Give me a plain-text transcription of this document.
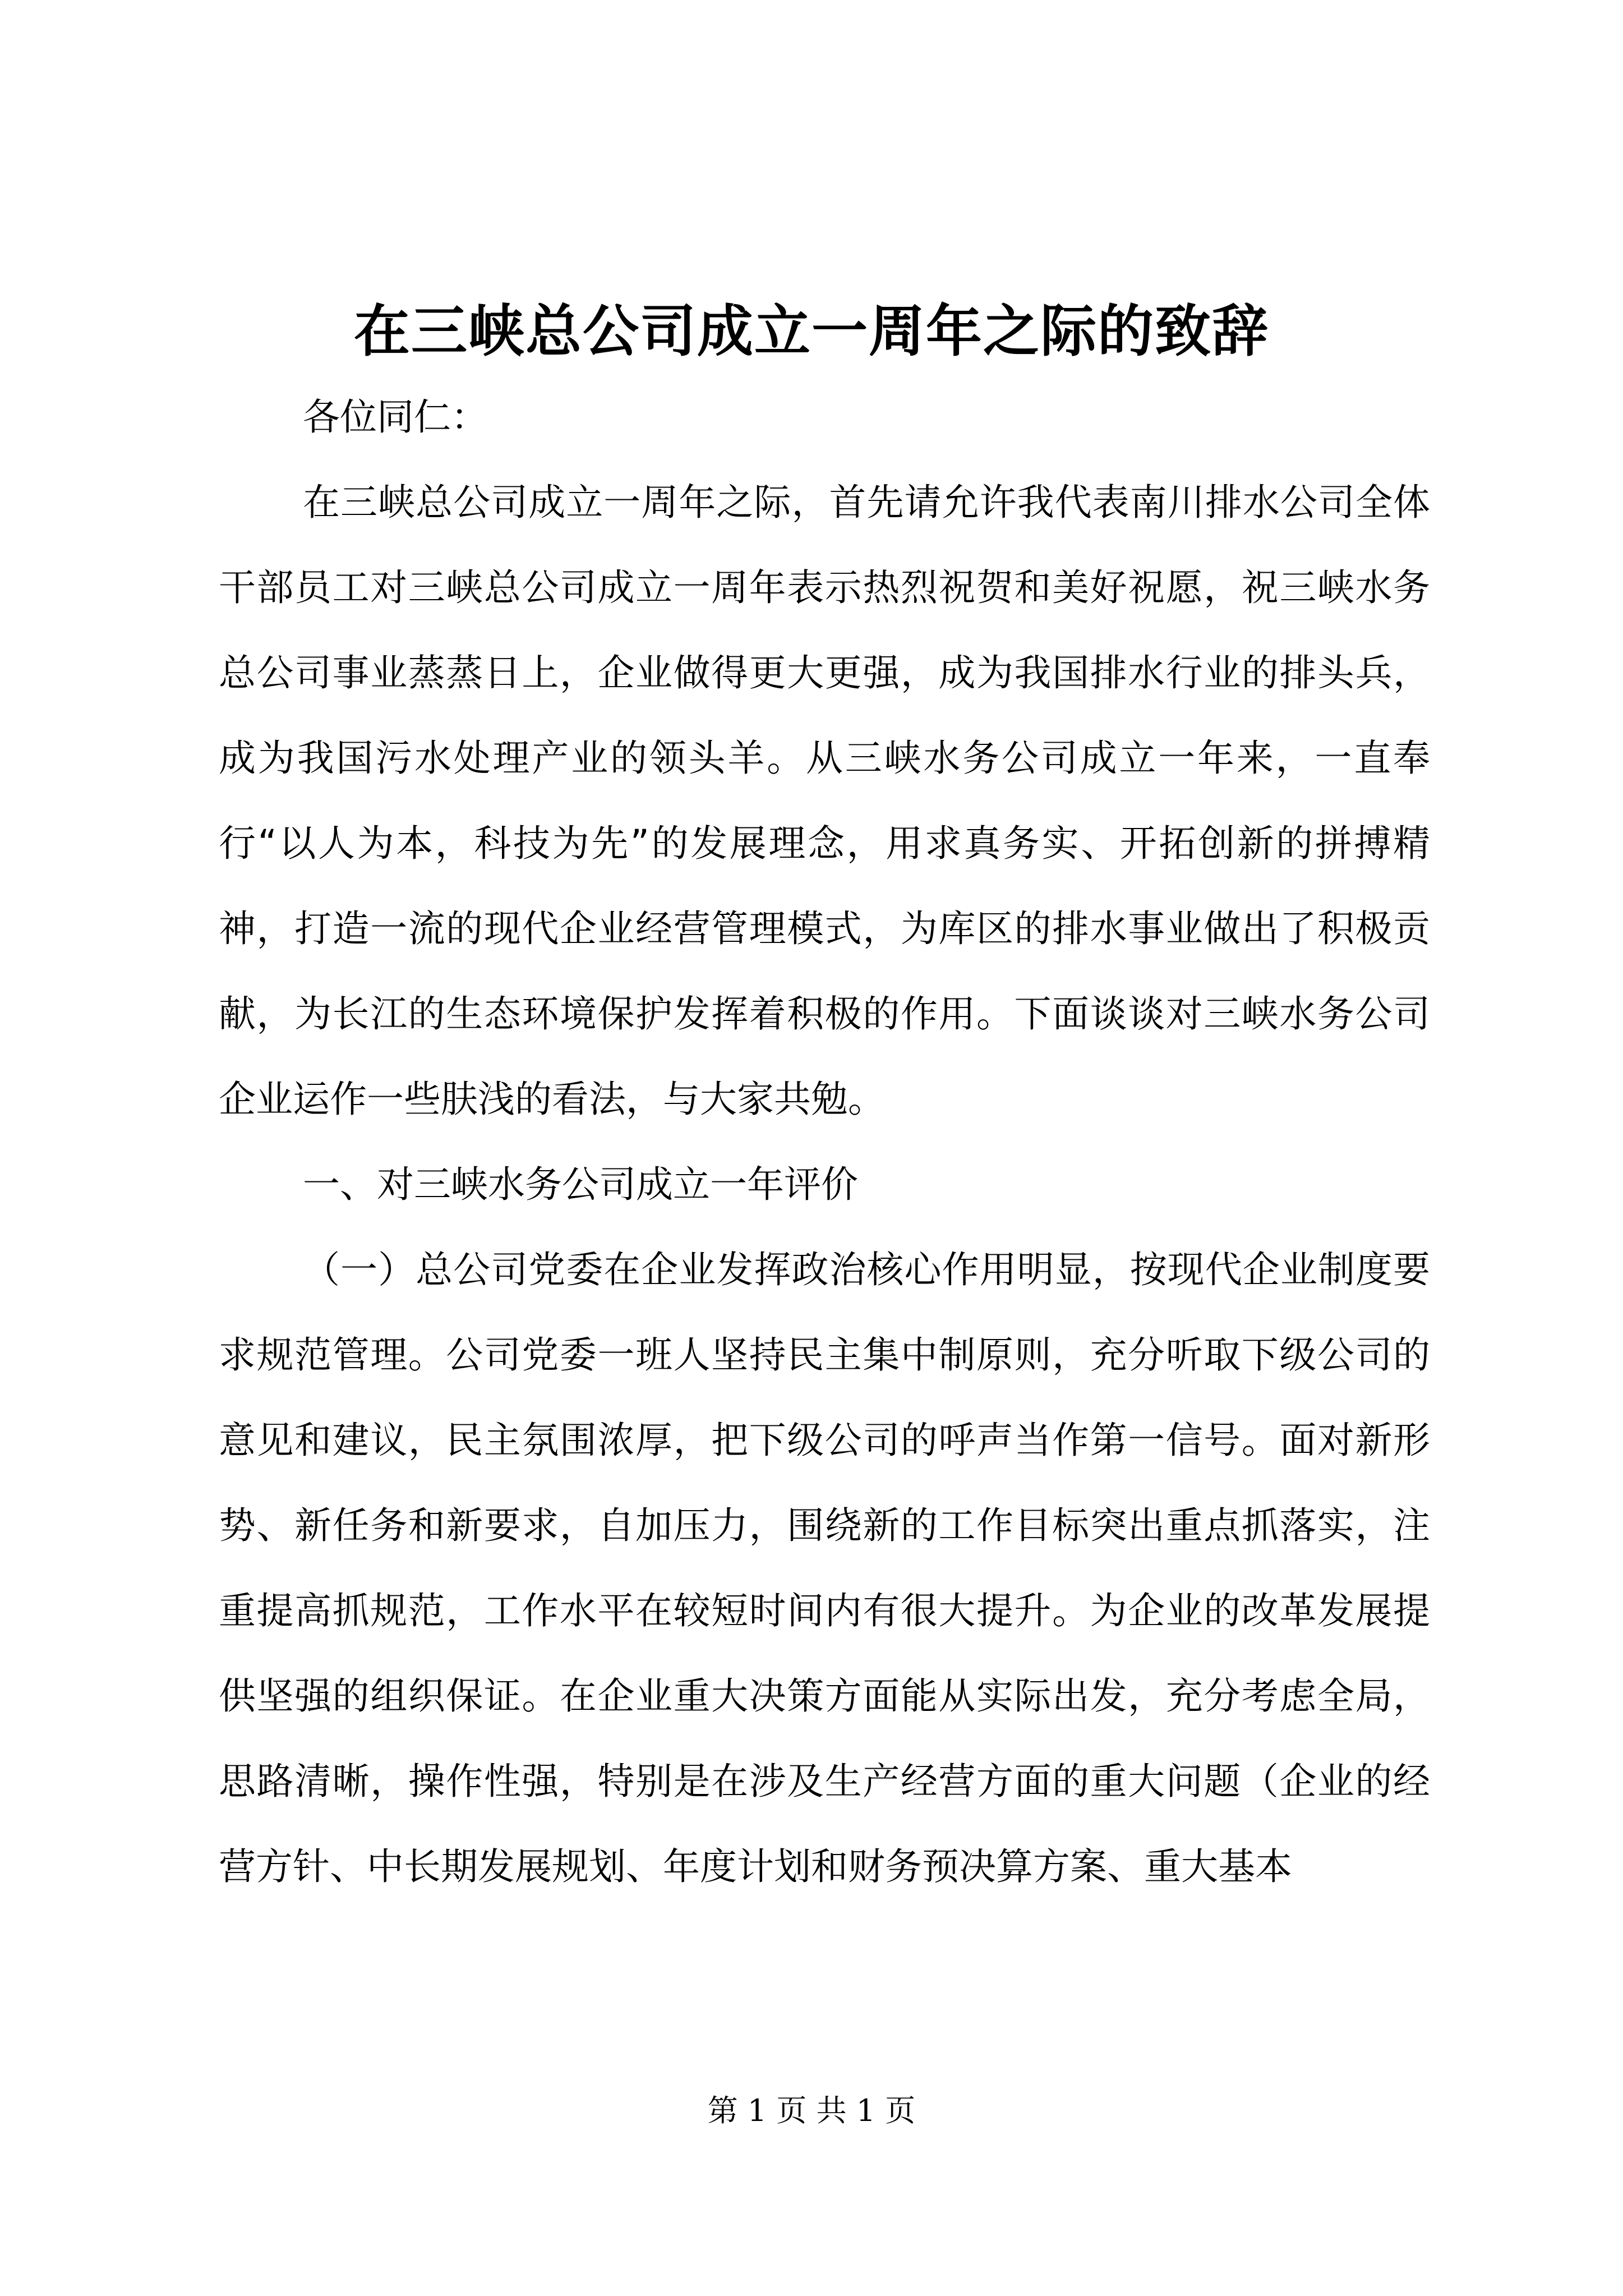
在三峡总公司成立一周年之际的致辞

各位同仁：

在三峡总公司成立一周年之际，首先请允许我代表南川排水公司全体干部员工对三峡总公司成立一周年表示热烈祝贺和美好祝愿，祝三峡水务总公司事业蒸蒸日上，企业做得更大更强，成为我国排水行业的排头兵，成为我国污水处理产业的领头羊。从三峡水务公司成立一年来，一直奉行“以人为本，科技为先”的发展理念，用求真务实、开拓创新的拼搏精神，打造一流的现代企业经营管理模式，为库区的排水事业做出了积极贡献，为长江的生态环境保护发挥着积极的作用。下面谈谈对三峡水务公司企业运作一些肤浅的看法，与大家共勉。

一、对三峡水务公司成立一年评价

（一）总公司党委在企业发挥政治核心作用明显，按现代企业制度要求规范管理。公司党委一班人坚持民主集中制原则，充分听取下级公司的意见和建议，民主氛围浓厚，把下级公司的呼声当作第一信号。面对新形势、新任务和新要求，自加压力，围绕新的工作目标突出重点抓落实，注重提高抓规范，工作水平在较短时间内有很大提升。为企业的改革发展提供坚强的组织保证。在企业重大决策方面能从实际出发，充分考虑全局，思路清晰，操作性强，特别是在涉及生产经营方面的重大问题（企业的经营方针、中长期发展规划、年度计划和财务预决算方案、重大基本

第 1 页 共 1 页
